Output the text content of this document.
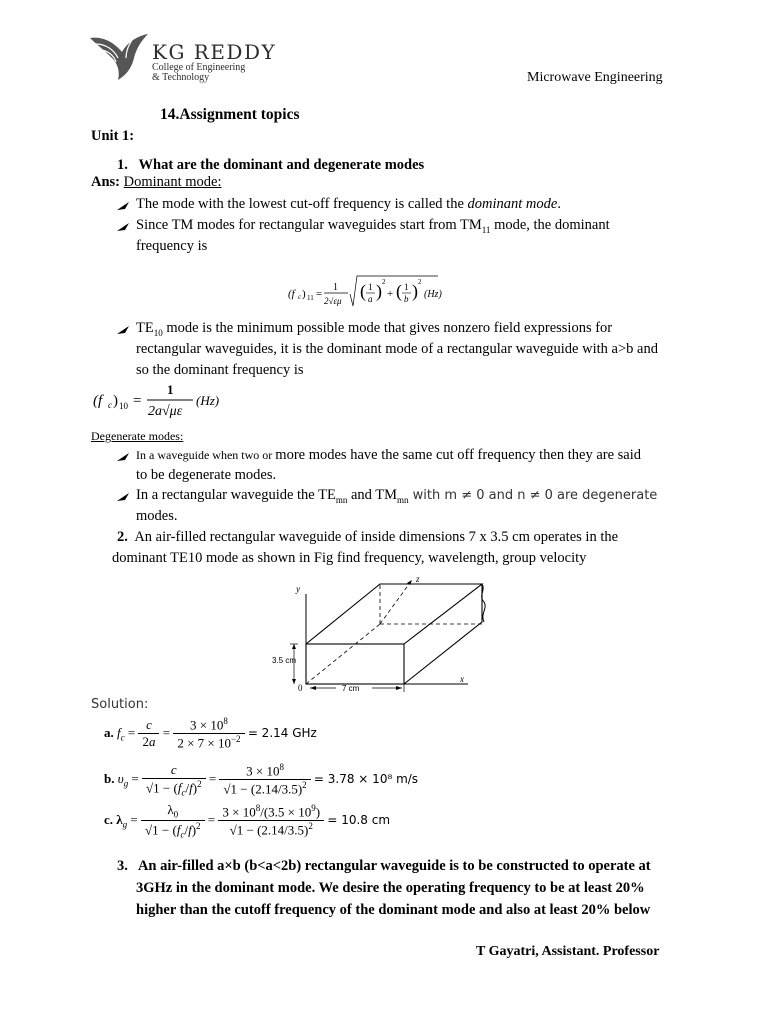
KG REDDY
College of Engineering
& Technology	Microwave Engineering
14.Assignment topics
Unit 1:
1. What are the dominant and degenerate modes
Ans: Dominant mode:
The mode with the lowest cut-off frequency is called the dominant mode.
Since TM modes for rectangular waveguides start from $TM_{11}$ mode, the dominant
frequency is
(f c ) 11 =
1
2√εμ ( 1
a ) 2
+ ( 1
b ) 2
(Hz)
$TE_{10}$ mode is the minimum possible mode that gives nonzero field expressions for
rectangular waveguides, it is the dominant mode of a rectangular waveguide with a>b and
so the dominant frequency is
(f c ) 10 =
1
2a√με
(Hz)
Degenerate modes:
In a waveguide when two or more modes have the same cut off frequency then they are said
to be degenerate modes.
In a rectangular waveguide the $TE_{mn}$ and $TM_{mn}$ with m ≠ 0 and n ≠ 0 are degenerate
modes.
2. An air-filled rectangular waveguide of inside dimensions 7 x 3.5 cm operates in the
dominant TE10 mode as shown in Fig find frequency, wavelength, group velocity
y
z
x
0
3.5 cm
7 cm
Solution:
a. $f_c = \frac{c}{2a} = \frac{3 \times 10^8}{2 \times 7 \times 10^{-2}} = 2.14$ GHz
b. $\upsilon_g = \frac{c}{√1 - (f_c/f)^2} = \frac{3 \times 10^8}{√1 - (2.14/3.5)^2} = 3.78 \times 10^8$ m/s
c. $\lambda_g = \frac{\lambda_0}{√1 - (f_c/f)^2} = \frac{3 \times 10^8/(3.5 \times 10^9)}{√1 - (2.14/3.5)^2} = 10.8$ cm
3. An air-filled a×b (b<a<2b) rectangular waveguide is to be constructed to operate at
3GHz in the dominant mode. We desire the operating frequency to be at least 20%
higher than the cutoff frequency of the dominant mode and also at least 20% below
T Gayatri, Assistant. Professor
